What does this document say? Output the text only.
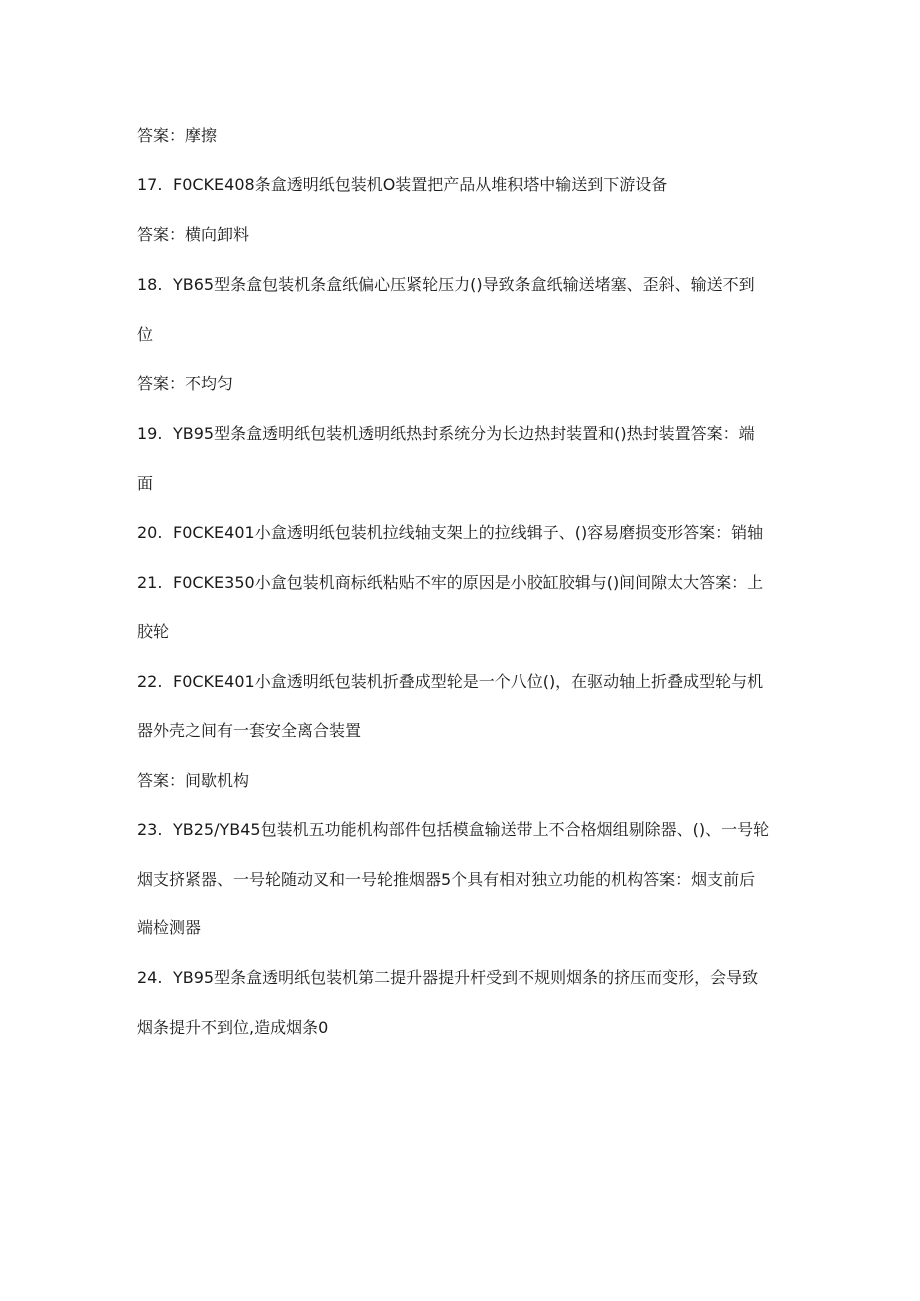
答案：摩擦
17. F0CKE408条盒透明纸包装机O装置把产品从堆积塔中输送到下游设备
答案：横向卸料
18. YB65型条盒包装机条盒纸偏心压紧轮压力()导致条盒纸输送堵塞、歪斜、输送不到
位
答案：不均匀
19. YB95型条盒透明纸包装机透明纸热封系统分为长边热封装置和()热封装置答案：端
面
20. F0CKE401小盒透明纸包装机拉线轴支架上的拉线辑子、()容易磨损变形答案：销轴
21. F0CKE350小盒包装机商标纸粘贴不牢的原因是小胶缸胶辑与()间间隙太大答案：上
胶轮
22. F0CKE401小盒透明纸包装机折叠成型轮是一个八位()，在驱动轴上折叠成型轮与机
器外壳之间有一套安全离合装置
答案：间歇机构
23. YB25/YB45包装机五功能机构部件包括模盒输送带上不合格烟组剔除器、()、一号轮
烟支挤紧器、一号轮随动叉和一号轮推烟器5个具有相对独立功能的机构答案：烟支前后
端检测器
24. YB95型条盒透明纸包装机第二提升器提升杆受到不规则烟条的挤压而变形，会导致
烟条提升不到位,造成烟条0
